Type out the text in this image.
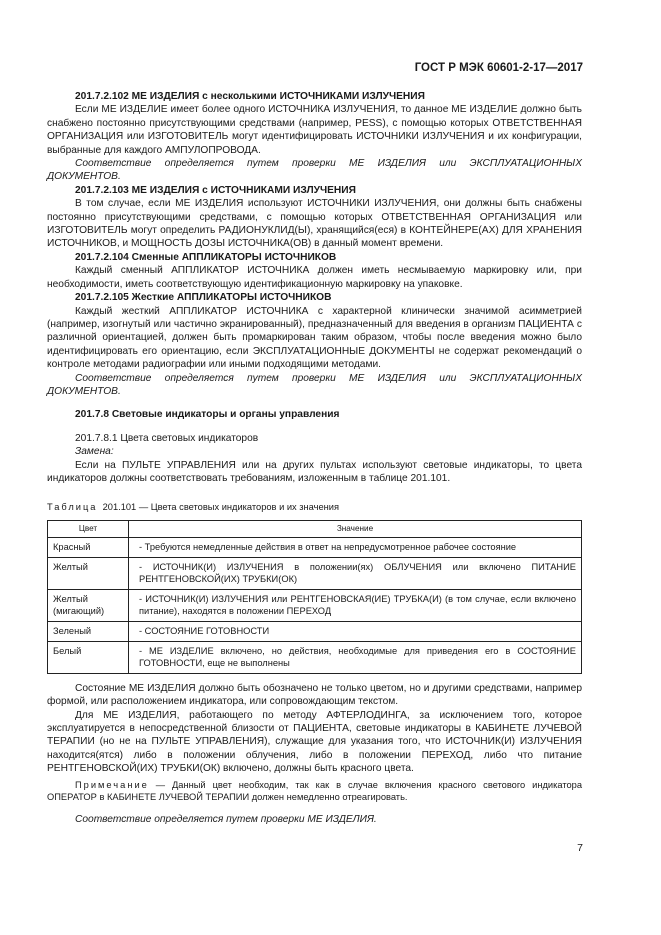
ГОСТ Р МЭК 60601-2-17—2017

201.7.2.102 МЕ ИЗДЕЛИЯ с несколькими ИСТОЧНИКАМИ ИЗЛУЧЕНИЯ

Если МЕ ИЗДЕЛИЕ имеет более одного ИСТОЧНИКА ИЗЛУЧЕНИЯ, то данное МЕ ИЗДЕЛИЕ должно быть снабжено постоянно присутствующими средствами (например, PESS), с помощью которых ОТВЕТСТВЕННАЯ ОРГАНИЗАЦИЯ или ИЗГОТОВИТЕЛЬ могут идентифицировать ИСТОЧНИКИ ИЗЛУЧЕНИЯ и их конфигурации, выбранные для каждого АМПУЛОПРОВОДА.

Соответствие определяется путем проверки МЕ ИЗДЕЛИЯ или ЭКСПЛУАТАЦИОННЫХ ДОКУМЕНТОВ.

201.7.2.103 МЕ ИЗДЕЛИЯ с ИСТОЧНИКАМИ ИЗЛУЧЕНИЯ

В том случае, если МЕ ИЗДЕЛИЯ используют ИСТОЧНИКИ ИЗЛУЧЕНИЯ, они должны быть снабжены постоянно присутствующими средствами, с помощью которых ОТВЕТСТВЕННАЯ ОРГАНИЗАЦИЯ или ИЗГОТОВИТЕЛЬ могут определить РАДИОНУКЛИД(Ы), хранящийся(еся) в КОНТЕЙНЕРЕ(АХ) ДЛЯ ХРАНЕНИЯ ИСТОЧНИКОВ, и МОЩНОСТЬ ДОЗЫ ИСТОЧНИКА(ОВ) в данный момент времени.

201.7.2.104 Сменные АППЛИКАТОРЫ ИСТОЧНИКОВ

Каждый сменный АППЛИКАТОР ИСТОЧНИКА должен иметь несмываемую маркировку или, при необходимости, иметь соответствующую идентификационную маркировку на упаковке.

201.7.2.105 Жесткие АППЛИКАТОРЫ ИСТОЧНИКОВ

Каждый жесткий АППЛИКАТОР ИСТОЧНИКА с характерной клинически значимой асимметрией (например, изогнутый или частично экранированный), предназначенный для введения в организм ПАЦИЕНТА с различной ориентацией, должен быть промаркирован таким образом, чтобы после введения можно было идентифицировать его ориентацию, если ЭКСПЛУАТАЦИОННЫЕ ДОКУМЕНТЫ не содержат рекомендаций о контроле методами радиографии или иными подходящими методами.

Соответствие определяется путем проверки МЕ ИЗДЕЛИЯ или ЭКСПЛУАТАЦИОННЫХ ДОКУМЕНТОВ.

201.7.8 Световые индикаторы и органы управления

201.7.8.1 Цвета световых индикаторов

Замена:

Если на ПУЛЬТЕ УПРАВЛЕНИЯ или на других пультах используют световые индикаторы, то цвета индикаторов должны соответствовать требованиям, изложенным в таблице 201.101.

Таблица 201.101 — Цвета световых индикаторов и их значения

Цвет	Значение
Красный	- Требуются немедленные действия в ответ на непредусмотренное рабочее состояние
Желтый	- ИСТОЧНИК(И) ИЗЛУЧЕНИЯ в положении(ях) ОБЛУЧЕНИЯ или включено ПИТАНИЕ РЕНТГЕНОВСКОЙ(ИХ) ТРУБКИ(ОК)
Желтый (мигающий)	- ИСТОЧНИК(И) ИЗЛУЧЕНИЯ или РЕНТГЕНОВСКАЯ(ИЕ) ТРУБКА(И) (в том случае, если включено питание), находятся в положении ПЕРЕХОД
Зеленый	- СОСТОЯНИЕ ГОТОВНОСТИ
Белый	- МЕ ИЗДЕЛИЕ включено, но действия, необходимые для приведения его в СОСТОЯНИЕ ГОТОВНОСТИ, еще не выполнены

Состояние МЕ ИЗДЕЛИЯ должно быть обозначено не только цветом, но и другими средствами, например формой, или расположением индикатора, или сопровождающим текстом.

Для МЕ ИЗДЕЛИЯ, работающего по методу АФТЕРЛОДИНГА, за исключением того, которое эксплуатируется в непосредственной близости от ПАЦИЕНТА, световые индикаторы в КАБИНЕТЕ ЛУЧЕВОЙ ТЕРАПИИ (но не на ПУЛЬТЕ УПРАВЛЕНИЯ), служащие для указания того, что ИСТОЧНИК(И) ИЗЛУЧЕНИЯ находится(ятся) либо в положении облучения, либо в положении ПЕРЕХОД, либо что питание РЕНТГЕНОВСКОЙ(ИХ) ТРУБКИ(ОК) включено, должны быть красного цвета.

Примечание — Данный цвет необходим, так как в случае включения красного светового индикатора ОПЕРАТОР в КАБИНЕТЕ ЛУЧЕВОЙ ТЕРАПИИ должен немедленно отреагировать.

Соответствие определяется путем проверки МЕ ИЗДЕЛИЯ.

7
